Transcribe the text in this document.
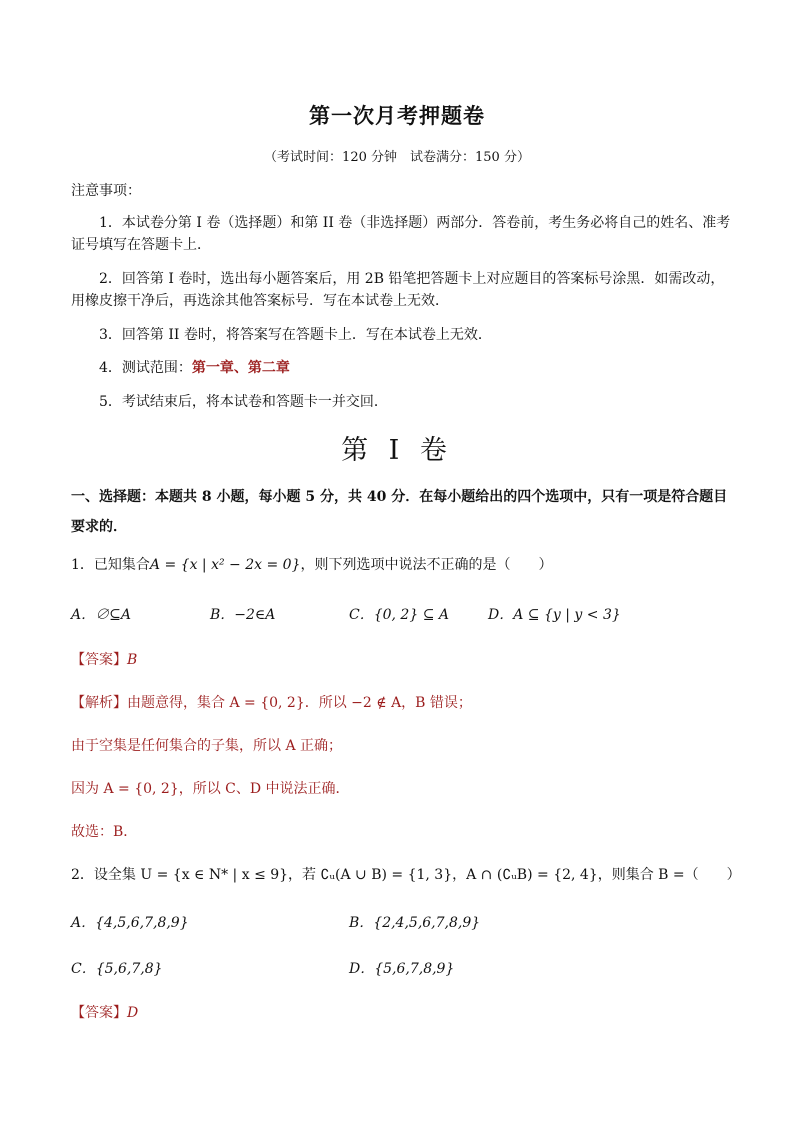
第一次月考押题卷
（考试时间：120 分钟　试卷满分：150 分）
注意事项：
1．本试卷分第 I 卷（选择题）和第 II 卷（非选择题）两部分．答卷前，考生务必将自己的姓名、准考
证号填写在答题卡上．
2．回答第 I 卷时，选出每小题答案后，用 2B 铅笔把答题卡上对应题目的答案标号涂黑．如需改动，
用橡皮擦干净后，再选涂其他答案标号．写在本试卷上无效．
3．回答第 II 卷时，将答案写在答题卡上．写在本试卷上无效．
4．测试范围：第一章、第二章
5．考试结束后，将本试卷和答题卡一并交回．
第 I 卷
一、选择题：本题共 8 小题，每小题 5 分，共 40 分．在每小题给出的四个选项中，只有一项是符合题目要求的．
1．已知集合A = {x | x² − 2x = 0}，则下列选项中说法不正确的是（　　）
A．∅⊆A	B．−2∈A	C．{0, 2} ⊆ A	D．A ⊆ {y | y < 3}
【答案】B
【解析】由题意得，集合 A = {0, 2}．所以 −2 ∉ A，B 错误；
由于空集是任何集合的子集，所以 A 正确；
因为 A = {0, 2}，所以 C、D 中说法正确．
故选：B．
2．设全集 U = {x ∈ N* | x ≤ 9}，若 ∁ᵤ(A ∪ B) = {1, 3}，A ∩ (∁ᵤB) = {2, 4}，则集合 B =（　　）
A．{4,5,6,7,8,9}	B．{2,4,5,6,7,8,9}
C．{5,6,7,8}	D．{5,6,7,8,9}
【答案】D
